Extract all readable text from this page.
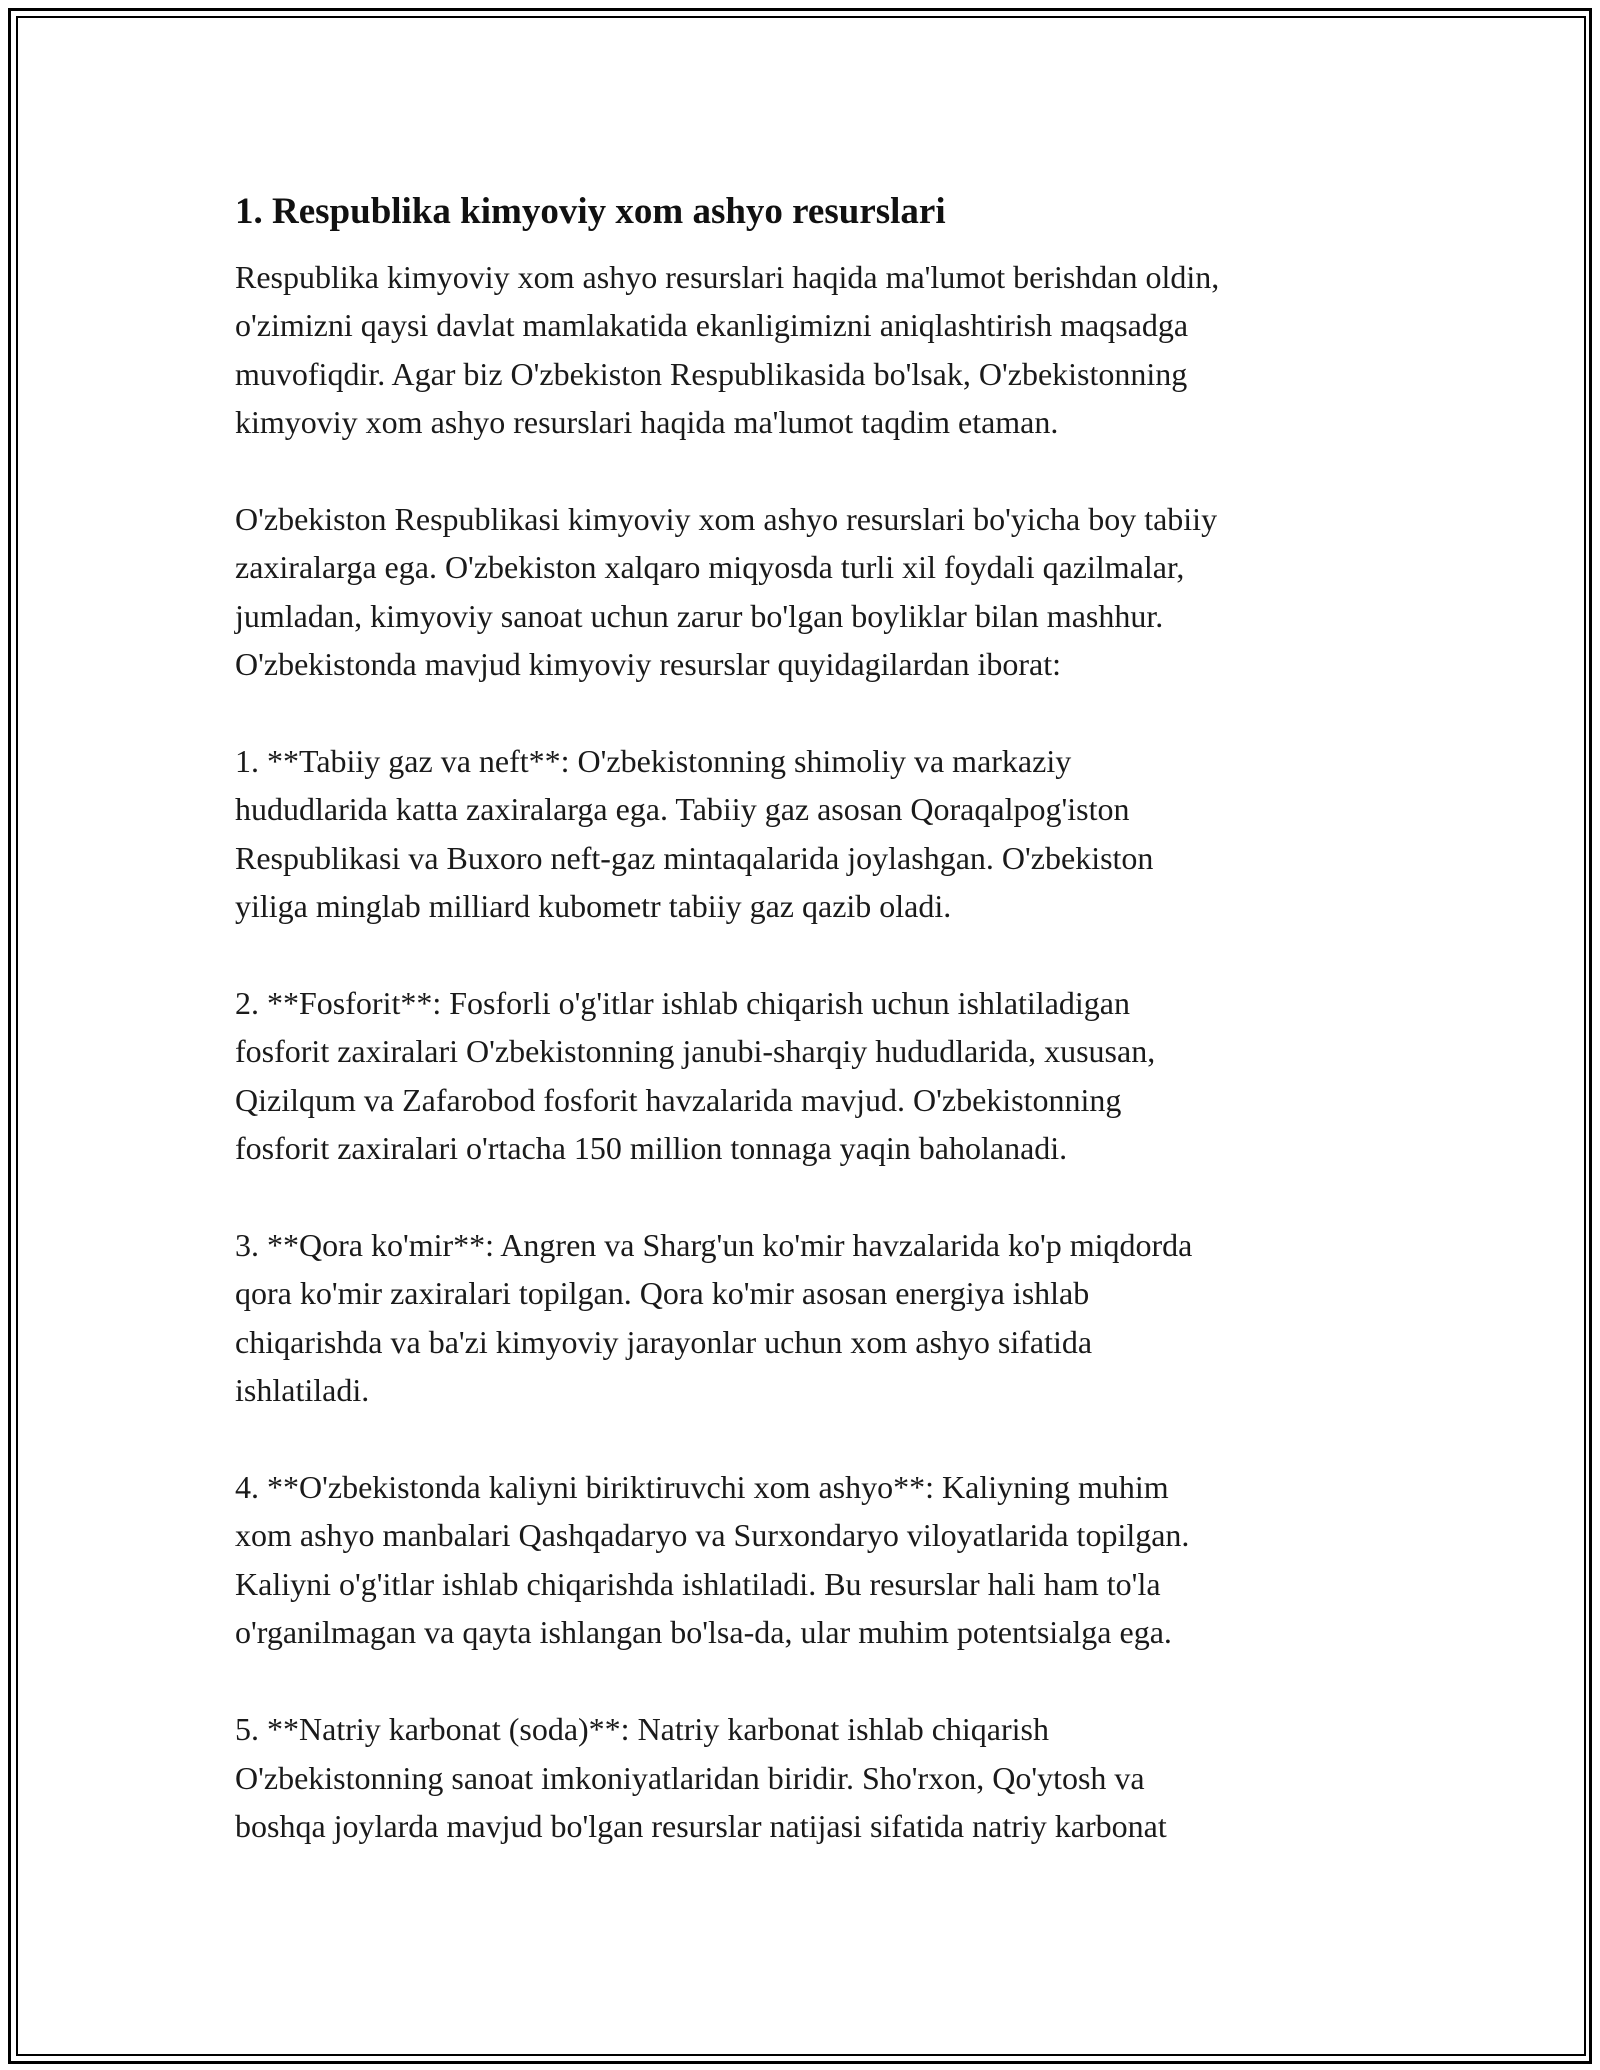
1. Respublika kimyoviy xom ashyo resurslari

Respublika kimyoviy xom ashyo resurslari haqida ma'lumot berishdan oldin,
o'zimizni qaysi davlat mamlakatida ekanligimizni aniqlashtirish maqsadga
muvofiqdir. Agar biz O'zbekiston Respublikasida bo'lsak, O'zbekistonning
kimyoviy xom ashyo resurslari haqida ma'lumot taqdim etaman.

O'zbekiston Respublikasi kimyoviy xom ashyo resurslari bo'yicha boy tabiiy
zaxiralarga ega. O'zbekiston xalqaro miqyosda turli xil foydali qazilmalar,
jumladan, kimyoviy sanoat uchun zarur bo'lgan boyliklar bilan mashhur.
O'zbekistonda mavjud kimyoviy resurslar quyidagilardan iborat:

1. **Tabiiy gaz va neft**: O'zbekistonning shimoliy va markaziy
hududlarida katta zaxiralarga ega. Tabiiy gaz asosan Qoraqalpog'iston
Respublikasi va Buxoro neft-gaz mintaqalarida joylashgan. O'zbekiston
yiliga minglab milliard kubometr tabiiy gaz qazib oladi.

2. **Fosforit**: Fosforli o'g'itlar ishlab chiqarish uchun ishlatiladigan
fosforit zaxiralari O'zbekistonning janubi-sharqiy hududlarida, xususan,
Qizilqum va Zafarobod fosforit havzalarida mavjud. O'zbekistonning
fosforit zaxiralari o'rtacha 150 million tonnaga yaqin baholanadi.

3. **Qora ko'mir**: Angren va Sharg'un ko'mir havzalarida ko'p miqdorda
qora ko'mir zaxiralari topilgan. Qora ko'mir asosan energiya ishlab
chiqarishda va ba'zi kimyoviy jarayonlar uchun xom ashyo sifatida
ishlatiladi.

4. **O'zbekistonda kaliyni biriktiruvchi xom ashyo**: Kaliyning muhim
xom ashyo manbalari Qashqadaryo va Surxondaryo viloyatlarida topilgan.
Kaliyni o'g'itlar ishlab chiqarishda ishlatiladi. Bu resurslar hali ham to'la
o'rganilmagan va qayta ishlangan bo'lsa-da, ular muhim potentsialga ega.

5. **Natriy karbonat (soda)**: Natriy karbonat ishlab chiqarish
O'zbekistonning sanoat imkoniyatlaridan biridir. Sho'rxon, Qo'ytosh va
boshqa joylarda mavjud bo'lgan resurslar natijasi sifatida natriy karbonat
